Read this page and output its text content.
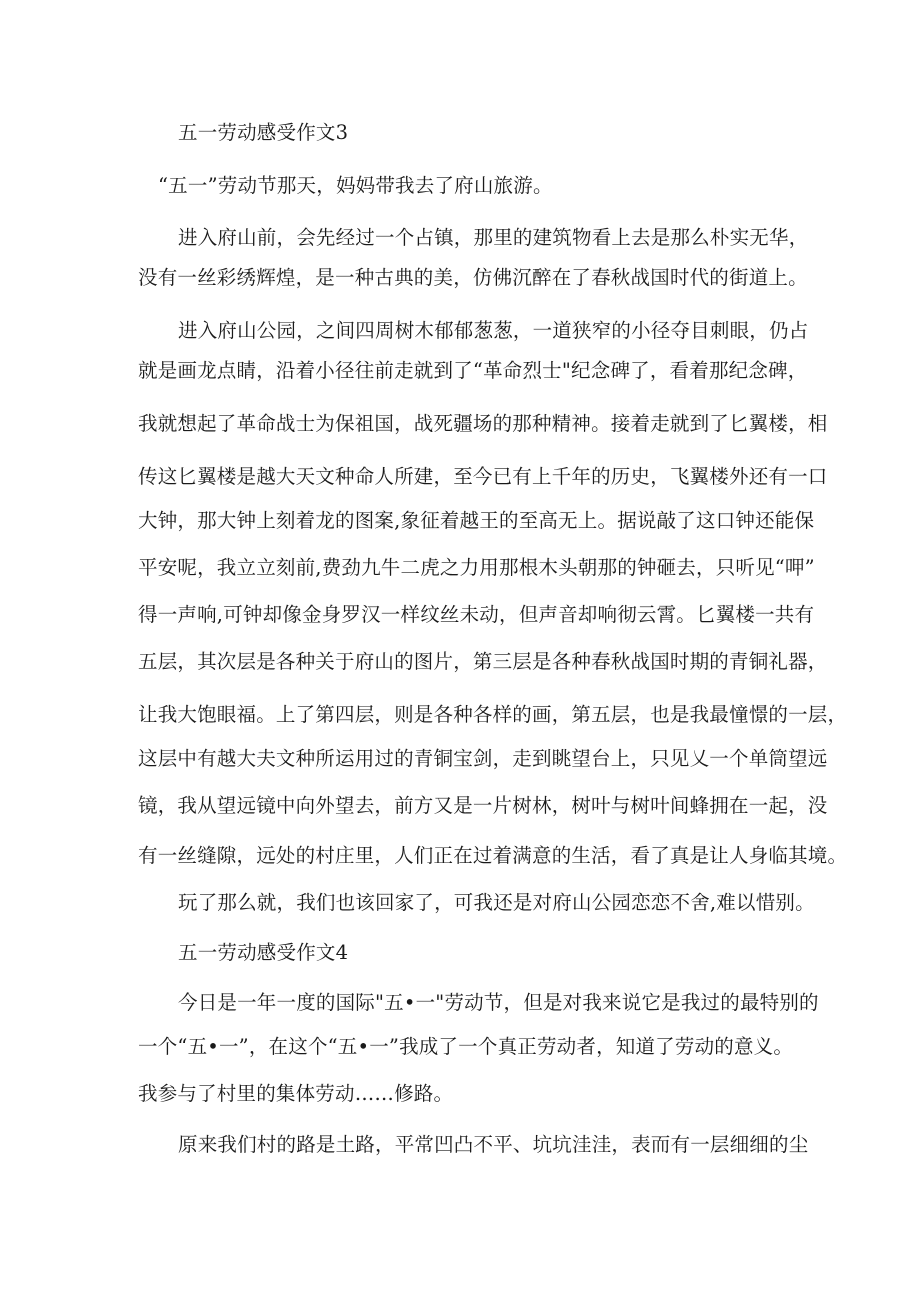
五一劳动感受作文3
“五一”劳动节那天，妈妈带我去了府山旅游。
进入府山前，会先经过一个占镇，那里的建筑物看上去是那么朴实无华，
没有一丝彩绣辉煌，是一种古典的美，仿佛沉醉在了春秋战国时代的街道上。
进入府山公园，之间四周树木郁郁葱葱，一道狭窄的小径夺目刺眼，仍占
就是画龙点睛，沿着小径往前走就到了“革命烈士"纪念碑了，看着那纪念碑，
我就想起了革命战士为保祖国，战死疆场的那种精神。接着走就到了匕翼楼，相
传这匕翼楼是越大天文种命人所建，至今已有上千年的历史，飞翼楼外还有一口
大钟，那大钟上刻着龙的图案,象征着越王的至高无上。据说敲了这口钟还能保
平安呢，我立立刻前,费劲九牛二虎之力用那根木头朝那的钟砸去，只听见“呷”
得一声响,可钟却像金身罗汉一样纹丝未动，但声音却响彻云霄。匕翼楼一共有
五层，其次层是各种关于府山的图片，第三层是各种春秋战国时期的青铜礼器，
让我大饱眼福。上了第四层，则是各种各样的画，第五层，也是我最憧憬的一层，
这层中有越大夫文种所运用过的青铜宝剑，走到眺望台上，只见乂一个单筒望远
镜，我从望远镜中向外望去，前方又是一片树林，树叶与树叶间蜂拥在一起，没
有一丝缝隙，远处的村庄里，人们正在过着满意的生活，看了真是让人身临其境。
玩了那么就，我们也该回家了，可我还是对府山公园恋恋不舍,难以惜别。
五一劳动感受作文4
今日是一年一度的国际"五•一"劳动节，但是对我来说它是我过的最特别的
一个“五•一”，在这个“五•一”我成了一个真正劳动者，知道了劳动的意义。
我参与了村里的集体劳动……修路。
原来我们村的路是土路，平常凹凸不平、坑坑洼洼，表而有一层细细的尘
